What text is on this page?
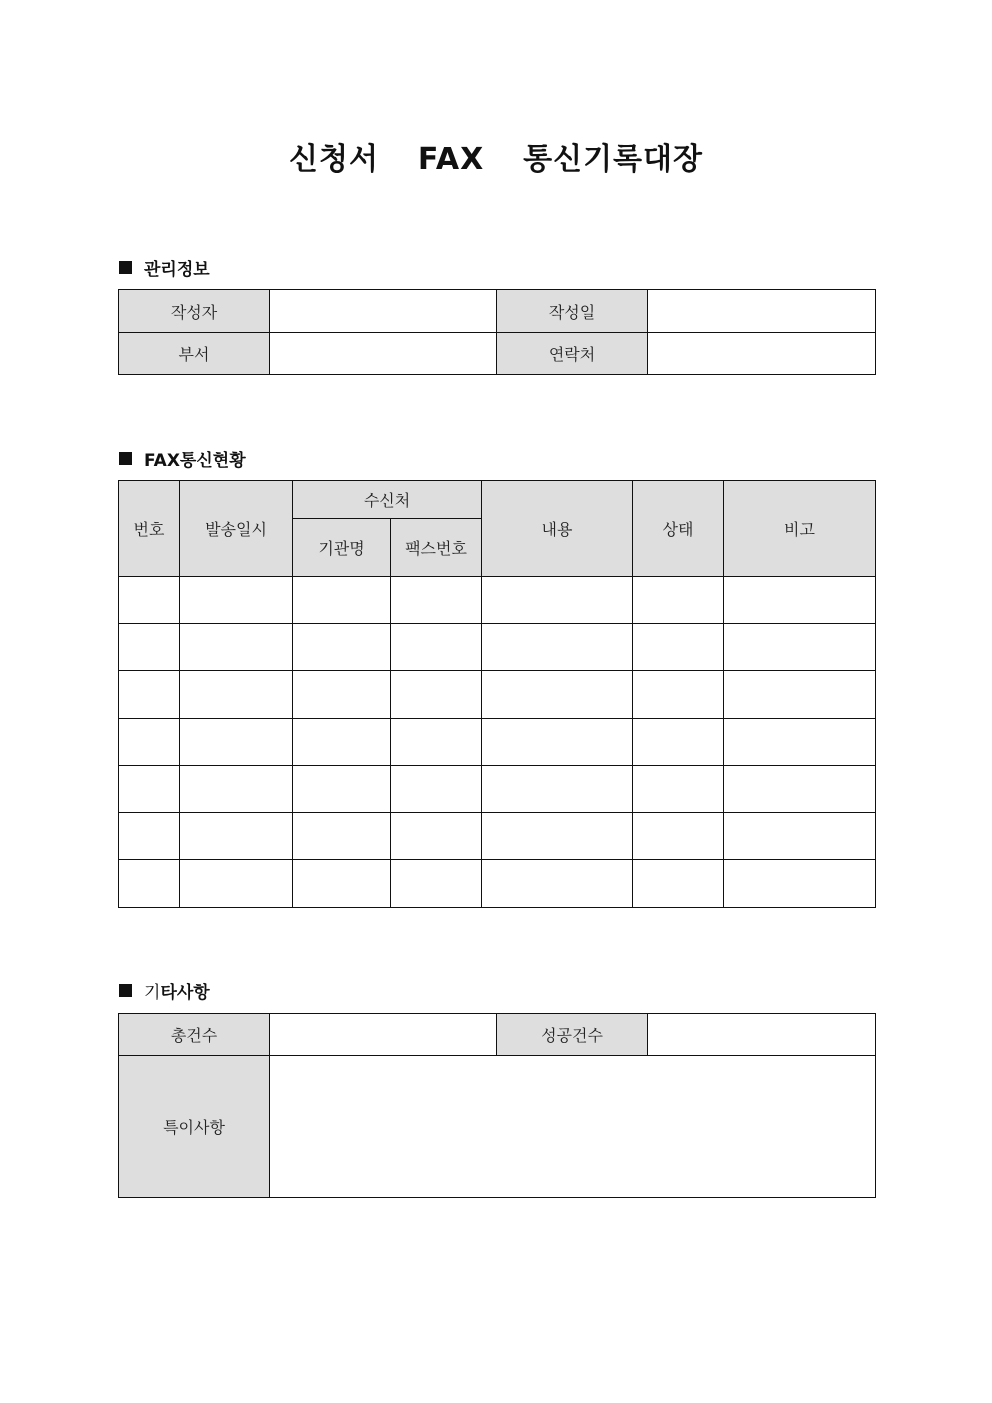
신청서  FAX  통신기록대장
관리정보
작성자		작성일	
부서		연락처	
FAX통신현황
번호	발송일시	수신처		내용	상태	비고
		기관명	팩스번호			

기 타사항
총건수		성공건수	
특이사항			
